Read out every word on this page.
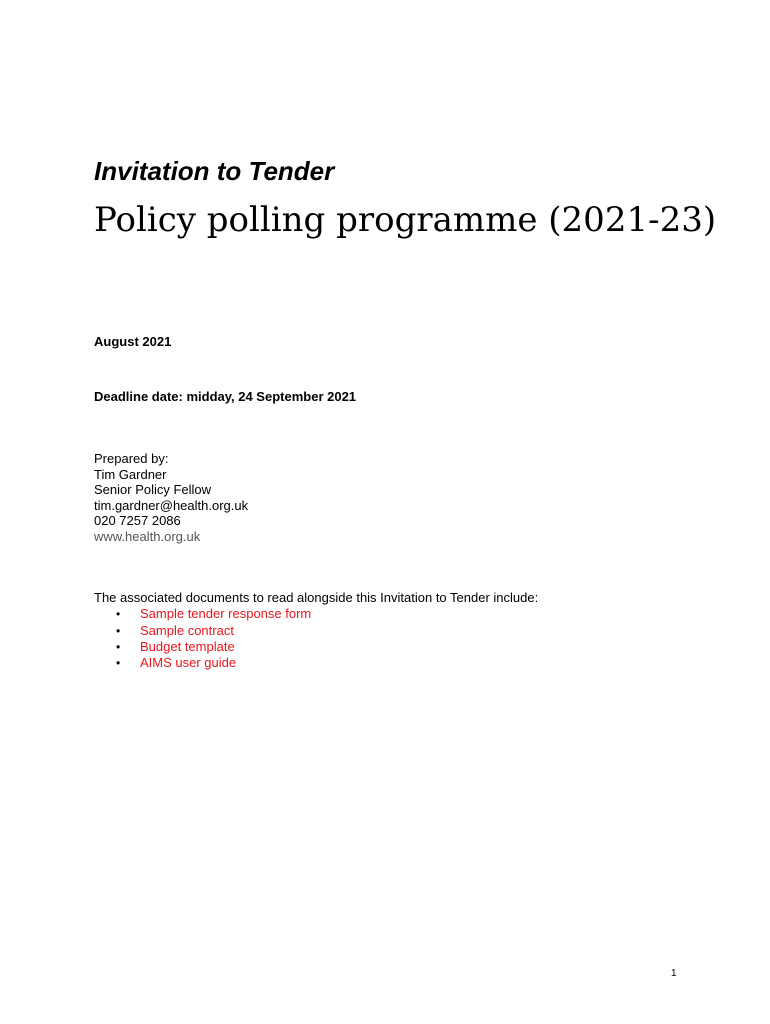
Invitation to Tender

Policy polling programme (2021-23)

August 2021

Deadline date: midday, 24 September 2021

Prepared by:
Tim Gardner
Senior Policy Fellow
tim.gardner@health.org.uk
020 7257 2086
www.health.org.uk
The associated documents to read alongside this Invitation to Tender include:
• Sample tender response form
• Sample contract
• Budget template
• AIMS user guide
1
